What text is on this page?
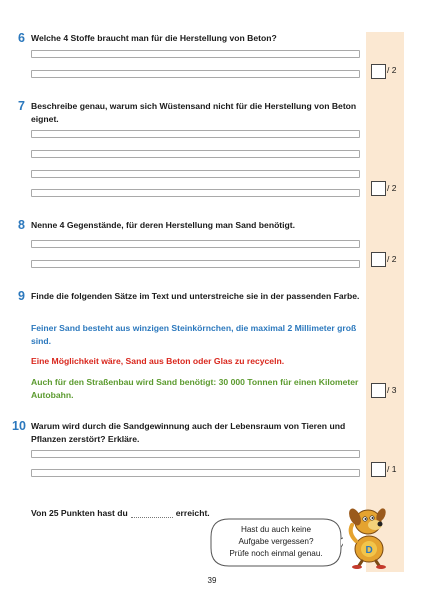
6 Welche 4 Stoffe braucht man für die Herstellung von Beton?
/ 2
7 Beschreibe genau, warum sich Wüstensand nicht für die Herstellung von Beton eignet.
/ 2
8 Nenne 4 Gegenstände, für deren Herstellung man Sand benötigt.
/ 2
9 Finde die folgenden Sätze im Text und unterstreiche sie in der passenden Farbe.
Feiner Sand besteht aus winzigen Steinkörnchen, die maximal 2 Millimeter groß sind.
Eine Möglichkeit wäre, Sand aus Beton oder Glas zu recyceln.
Auch für den Straßenbau wird Sand benötigt: 30 000 Tonnen für einen Kilometer Autobahn.	/ 3
10 Warum wird durch die Sandgewinnung auch der Lebensraum von Tieren und Pflanzen zerstört? Erkläre.
/ 1
Von 25 Punkten hast du	erreicht.
Hast du auch keine
Aufgabe vergessen?
Prüfe noch einmal genau.	D
39
